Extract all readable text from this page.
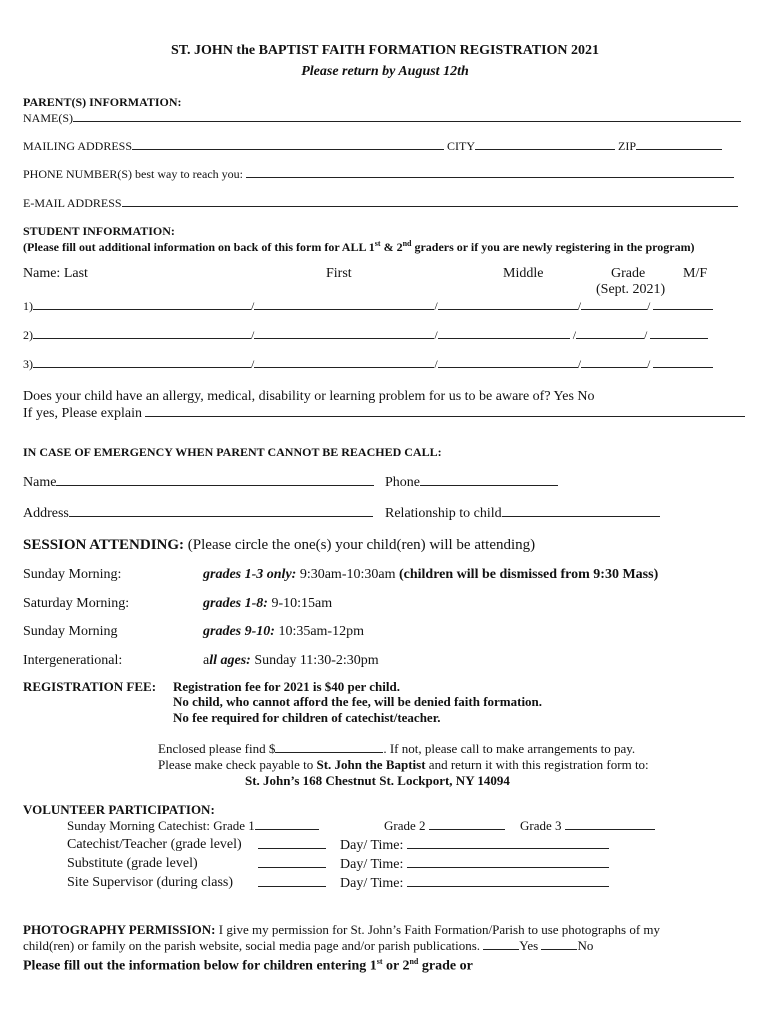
ST. JOHN the BAPTIST FAITH FORMATION REGISTRATION 2021
Please return by August 12th
PARENT(S) INFORMATION:
NAME(S)
MAILING ADDRESS	CITY	ZIP
PHONE NUMBER(S) best way to reach you:
E-MAIL ADDRESS
STUDENT INFORMATION:
(Please fill out additional information on back of this form for ALL 1st & 2nd graders or if you are newly registering in the program)
Name: Last	First	Middle	Grade	M/F
(Sept. 2021)
1)	/	/	/	/
2)	/	/	/	/
3)	/	/	/	/
Does your child have an allergy, medical, disability or learning problem for us to be aware of? Yes No
If yes, Please explain
IN CASE OF EMERGENCY WHEN PARENT CANNOT BE REACHED CALL:
Name	Phone
Address	Relationship to child
SESSION ATTENDING: (Please circle the one(s) your child(ren) will be attending)
Sunday Morning:	grades 1-3 only: 9:30am-10:30am (children will be dismissed from 9:30 Mass)
Saturday Morning:	grades 1-8: 9-10:15am
Sunday Morning	grades 9-10: 10:35am-12pm
Intergenerational:	all ages: Sunday 11:30-2:30pm
REGISTRATION FEE: Registration fee for 2021 is $40 per child.
No child, who cannot afford the fee, will be denied faith formation.
No fee required for children of catechist/teacher.
Enclosed please find $	. If not, please call to make arrangements to pay.
Please make check payable to St. John the Baptist and return it with this registration form to:
St. John’s 168 Chestnut St. Lockport, NY 14094
VOLUNTEER PARTICIPATION:
Sunday Morning Catechist: Grade 1	Grade 2	Grade 3
Catechist/Teacher (grade level)	Day/ Time:
Substitute (grade level)	Day/ Time:
Site Supervisor (during class)	Day/ Time:
PHOTOGRAPHY PERMISSION: I give my permission for St. John’s Faith Formation/Parish to use photographs of my
child(ren) or family on the parish website, social media page and/or parish publications.	Yes	No
Please fill out the information below for children entering 1st or 2nd grade or
